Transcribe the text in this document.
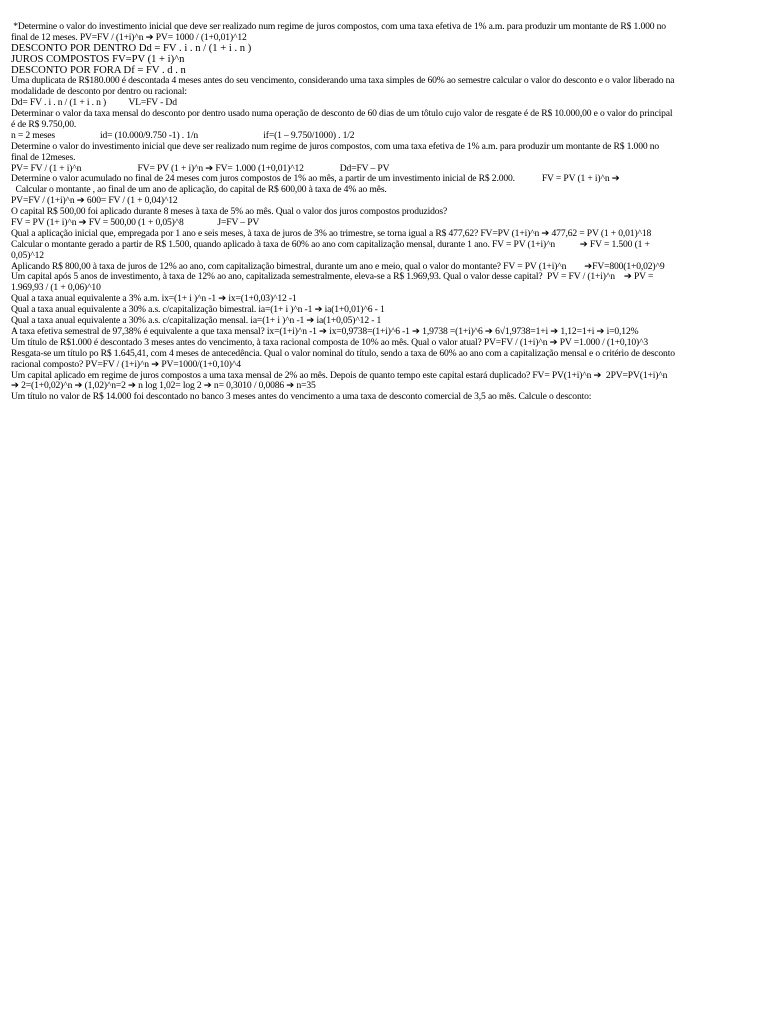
*Determine o valor do investimento inicial que deve ser realizado num regime de juros compostos, com uma taxa efetiva de 1% a.m. para produzir um montante de R$ 1.000 no
final de 12 meses. PV=FV / (1+i)^n ➔ PV= 1000 / (1+0,01)^12
DESCONTO POR DENTRO Dd = FV . i . n / (1 + i . n )
JUROS COMPOSTOS FV=PV (1 + i)^n
DESCONTO POR FORA Df = FV . d . n
Uma duplicata de R$180.000 é descontada 4 meses antes do seu vencimento, considerando uma taxa simples de 60% ao semestre calcular o valor do desconto e o valor liberado na
modalidade de desconto por dentro ou racional:
Dd= FV . i . n / (1 + i . n )          VL=FV - Dd
Determinar o valor da taxa mensal do desconto por dentro usado numa operação de desconto de 60 dias de um tôtulo cujo valor de resgate é de R$ 10.000,00 e o valor do principal
é de R$ 9.750,00.
n = 2 meses                    id= (10.000/9.750 -1) . 1/n                             if=(1 – 9.750/1000) . 1/2
Determine o valor do investimento inicial que deve ser realizado num regime de juros compostos, com uma taxa efetiva de 1% a.m. para produzir um montante de R$ 1.000 no
final de 12meses.
PV= FV / (1 + i)^n                         FV= PV (1 + i)^n ➔ FV= 1.000 (1+0,01)^12                Dd=FV – PV
Determine o valor acumulado no final de 24 meses com juros compostos de 1% ao mês, a partir de um investimento inicial de R$ 2.000.            FV = PV (1 + i)^n ➔
Calcular o montante , ao final de um ano de aplicação, do capital de R$ 600,00 à taxa de 4% ao mês.
PV=FV / (1+i)^n ➔ 600= FV / (1 + 0,04)^12
O capital R$ 500,00 foi aplicado durante 8 meses à taxa de 5% ao mês. Qual o valor dos juros compostos produzidos?
FV = PV (1+ i)^n ➔ FV = 500,00 (1 + 0,05)^8               J=FV – PV
Qual a aplicação inicial que, empregada por 1 ano e seis meses, à taxa de juros de 3% ao trimestre, se torna igual a R$ 477,62? FV=PV (1+i)^n ➔ 477,62 = PV (1 + 0,01)^18
Calcular o montante gerado a partir de R$ 1.500, quando aplicado à taxa de 60% ao ano com capitalização mensal, durante 1 ano. FV = PV (1+i)^n           ➔ FV = 1.500 (1 +
0,05)^12
Aplicando R$ 800,00 à taxa de juros de 12% ao ano, com capitalização bimestral, durante um ano e meio, qual o valor do montante? FV = PV (1+i)^n        ➔FV=800(1+0,02)^9
Um capital após 5 anos de investimento, à taxa de 12% ao ano, capitalizada semestralmente, eleva-se a R$ 1.969,93. Qual o valor desse capital?  PV = FV / (1+i)^n    ➔ PV =
1.969,93 / (1 + 0,06)^10
Qual a taxa anual equivalente a 3% a.m. ix=(1+ i )^n -1 ➔ ix=(1+0,03)^12 -1
Qual a taxa anual equivalente a 30% a.s. c/capitalização bimestral. ia=(1+ i )^n -1 ➔ ia(1+0,01)^6 - 1
Qual a taxa anual equivalente a 30% a.s. c/capitalização mensal. ia=(1+ i )^n -1 ➔ ia(1+0,05)^12 - 1
A taxa efetiva semestral de 97,38% é equivalente a que taxa mensal? ix=(1+i)^n -1 ➔ ix=0,9738=(1+i)^6 -1 ➔ 1,9738 =(1+i)^6 ➔ 6√1,9738=1+i ➔ 1,12=1+i ➔ i=0,12%
Um título de R$1.000 é descontado 3 meses antes do vencimento, à taxa racional composta de 10% ao mês. Qual o valor atual? PV=FV / (1+i)^n ➔ PV =1.000 / (1+0,10)^3
Resgata-se um título po R$ 1.645,41, com 4 meses de antecedência. Qual o valor nominal do título, sendo a taxa de 60% ao ano com a capitalização mensal e o critério de desconto
racional composto? PV=FV / (1+i)^n ➔ PV=1000/(1+0,10)^4
Um capital aplicado em regime de juros compostos a uma taxa mensal de 2% ao mês. Depois de quanto tempo este capital estará duplicado? FV= PV(1+i)^n ➔  2PV=PV(1+i)^n
➔ 2=(1+0,02)^n ➔ (1,02)^n=2 ➔ n log 1,02= log 2 ➔ n= 0,3010 / 0,0086 ➔ n=35
Um título no valor de R$ 14.000 foi descontado no banco 3 meses antes do vencimento a uma taxa de desconto comercial de 3,5 ao mês. Calcule o desconto:
